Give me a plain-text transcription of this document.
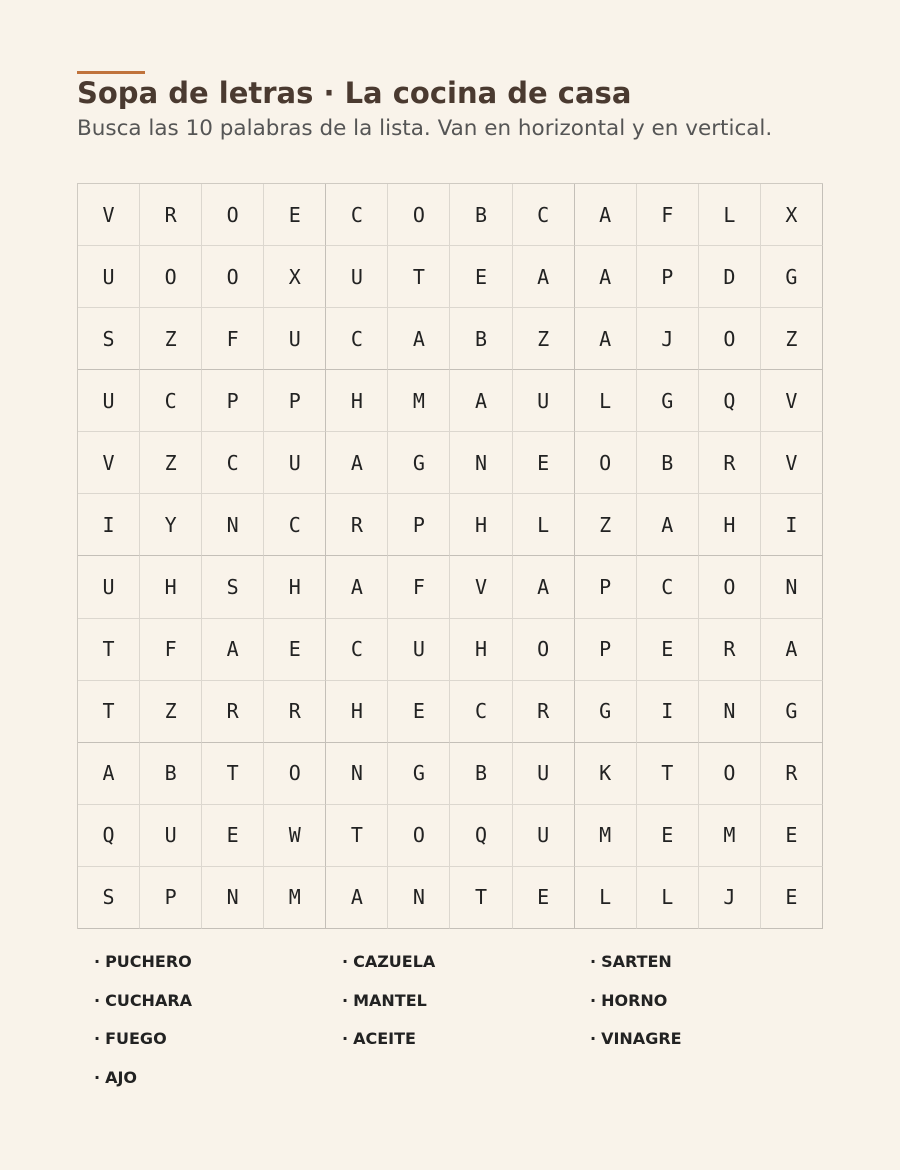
Sopa de letras · La cocina de casa

Busca las 10 palabras de la lista. Van en horizontal y en vertical.

V	R	O	E	C	O	B	C	A	F	L	X
U	O	O	X	U	T	E	A	A	P	D	G
S	Z	F	U	C	A	B	Z	A	J	O	Z
U	C	P	P	H	M	A	U	L	G	Q	V
V	Z	C	U	A	G	N	E	O	B	R	V
I	Y	N	C	R	P	H	L	Z	A	H	I
U	H	S	H	A	F	V	A	P	C	O	N
T	F	A	E	C	U	H	O	P	E	R	A
T	Z	R	R	H	E	C	R	G	I	N	G
A	B	T	O	N	G	B	U	K	T	O	R
Q	U	E	W	T	O	Q	U	M	E	M	E
S	P	N	M	A	N	T	E	L	L	J	E
· PUCHERO	· CAZUELA	· SARTEN
· CUCHARA	· MANTEL	· HORNO
· FUEGO	· ACEITE	· VINAGRE
· AJO
